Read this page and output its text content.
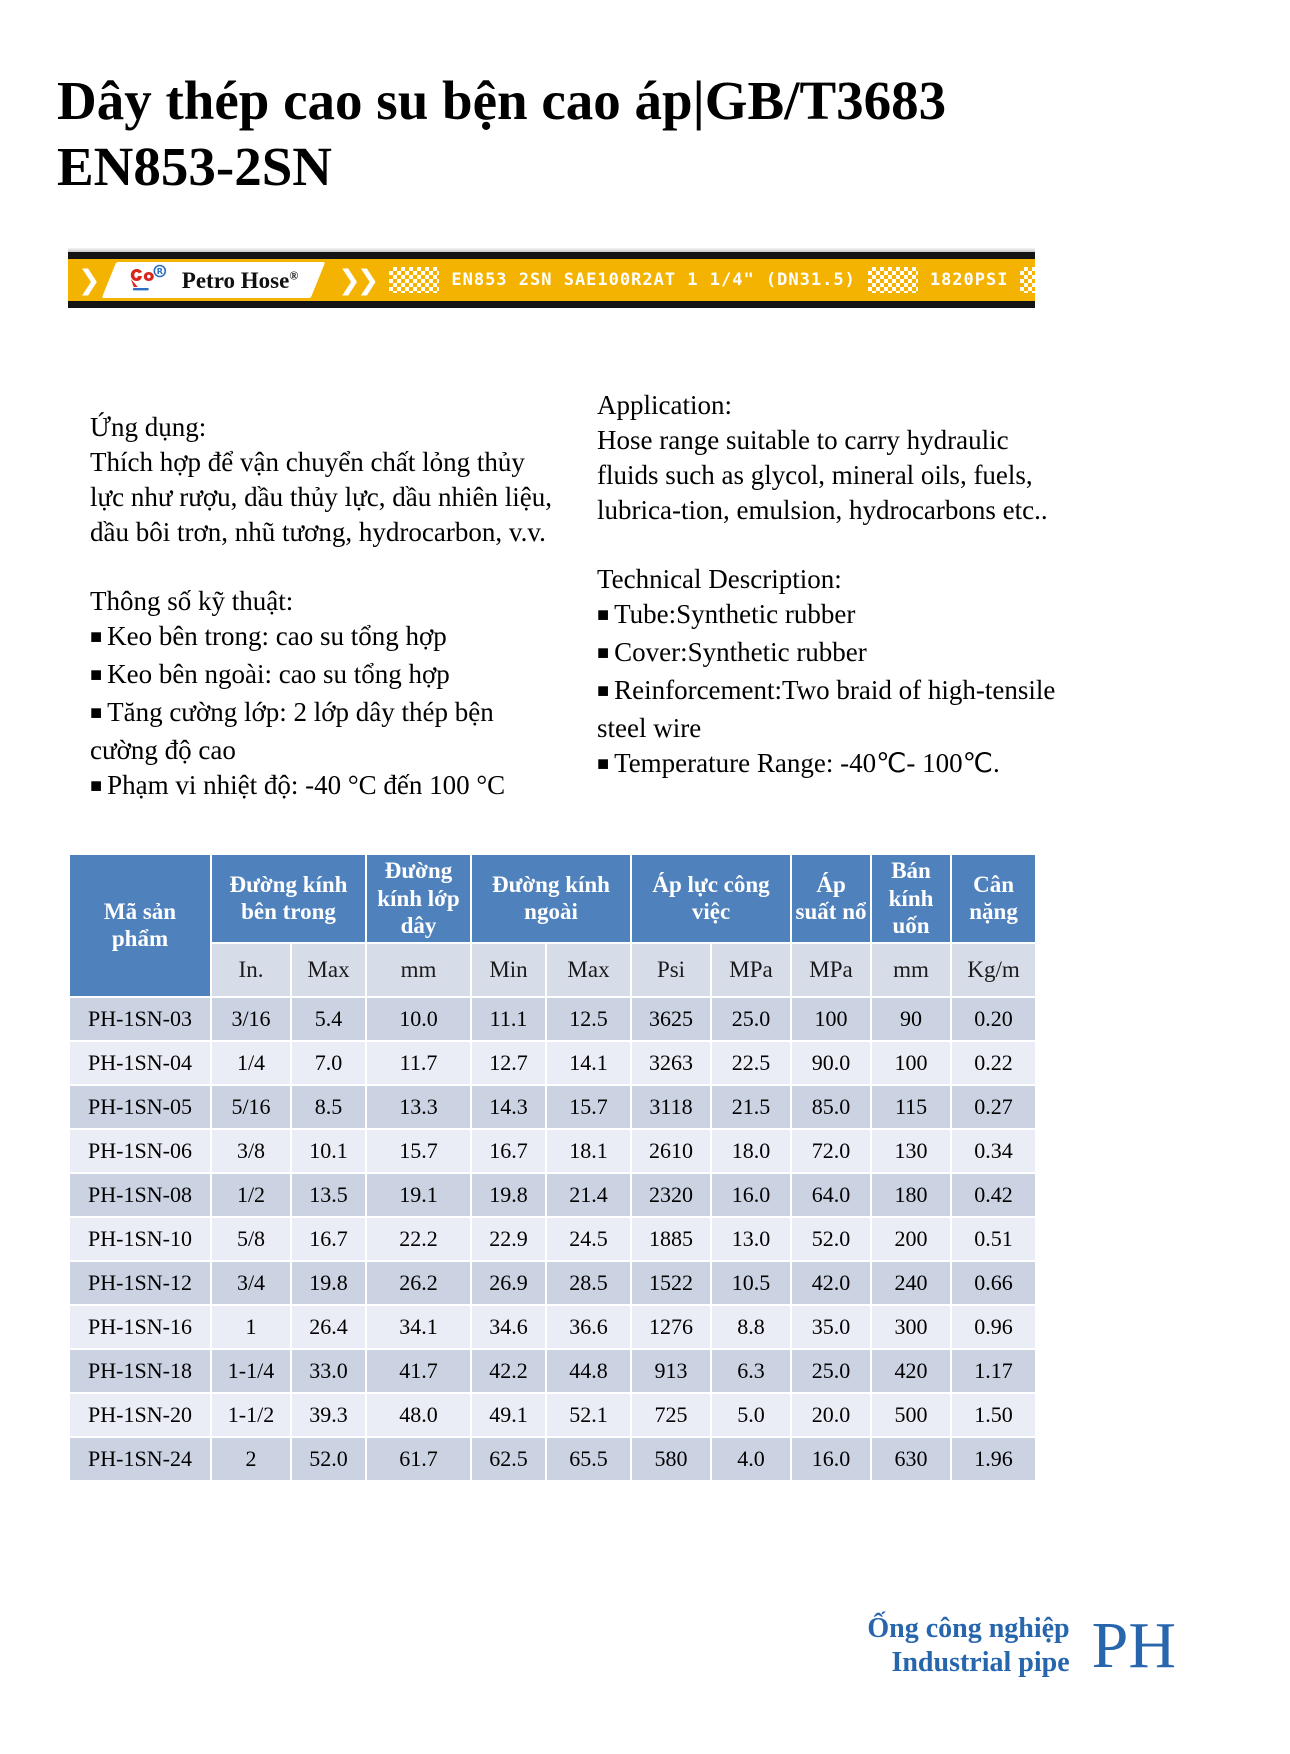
Dây thép cao su bện cao áp|GB/T3683
EN853-2SN
❯	R Petro Hose® ❯❯	EN853 2SN SAE100R2AT 1 1/4" (DN31.5)	1820PSI	MA 12.5MPa
125Bar
FLAME RESISTANT
MSHA 2G-10-14C/44
Ứng dụng:
Thích hợp để vận chuyển chất lỏng thủy lực như rượu, dầu thủy lực, dầu nhiên liệu, dầu bôi trơn, nhũ tương, hydrocarbon, v.v.
Thông số kỹ thuật:
■ Keo bên trong: cao su tổng hợp
■ Keo bên ngoài: cao su tổng hợp
■ Tăng cường lớp: 2 lớp dây thép bện cường độ cao
■ Phạm vi nhiệt độ: -40 °C đến 100 °C
Application:
Hose range suitable to carry hydraulic fluids such as glycol, mineral oils, fuels, lubrica-tion, emulsion, hydrocarbons etc..
Technical Description:
■ Tube:Synthetic rubber
■ Cover:Synthetic rubber
■ Reinforcement:Two braid of high-tensile steel wire
■ Temperature Range: -40℃- 100℃.
Mã sản phẩm	Đường kính bên trong		Đường kính lớp dây	Đường kính ngoài		Áp lực công việc		Áp suất nổ	Bán kính uốn	Cân nặng
	In.	Max	mm	Min	Max	Psi	MPa	MPa	mm	Kg/m
PH-1SN-03	3/16	5.4	10.0	11.1	12.5	3625	25.0	100	90	0.20
PH-1SN-04	1/4	7.0	11.7	12.7	14.1	3263	22.5	90.0	100	0.22
PH-1SN-05	5/16	8.5	13.3	14.3	15.7	3118	21.5	85.0	115	0.27
PH-1SN-06	3/8	10.1	15.7	16.7	18.1	2610	18.0	72.0	130	0.34
PH-1SN-08	1/2	13.5	19.1	19.8	21.4	2320	16.0	64.0	180	0.42
PH-1SN-10	5/8	16.7	22.2	22.9	24.5	1885	13.0	52.0	200	0.51
PH-1SN-12	3/4	19.8	26.2	26.9	28.5	1522	10.5	42.0	240	0.66
PH-1SN-16	1	26.4	34.1	34.6	36.6	1276	8.8	35.0	300	0.96
PH-1SN-18	1-1/4	33.0	41.7	42.2	44.8	913	6.3	25.0	420	1.17
PH-1SN-20	1-1/2	39.3	48.0	49.1	52.1	725	5.0	20.0	500	1.50
PH-1SN-24	2	52.0	61.7	62.5	65.5	580	4.0	16.0	630	1.96
Ống công nghiệp
Industrial pipe PH
